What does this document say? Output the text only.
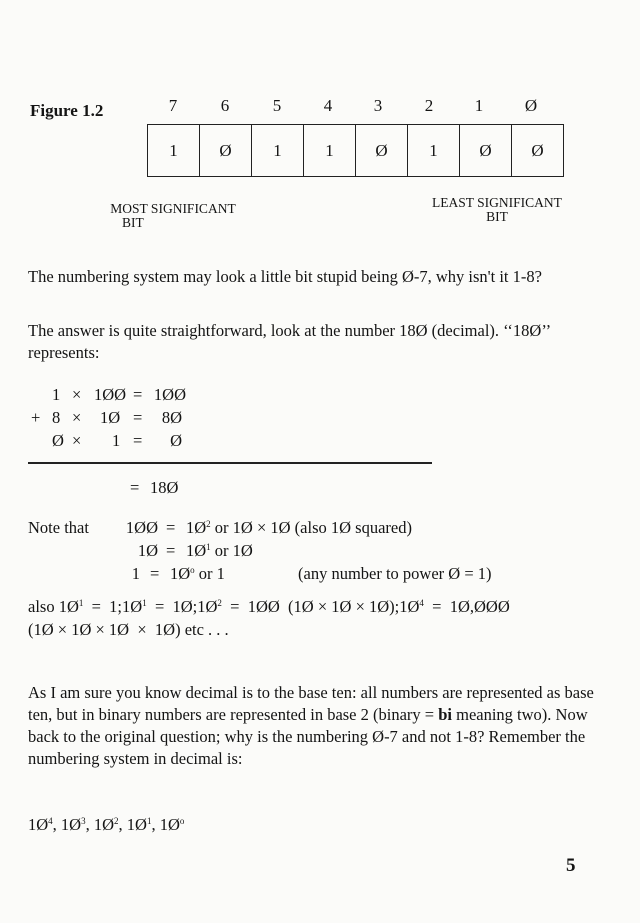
Figure 1.2	7	6	5	4	3	2	1	Ø
1	Ø	1	1	Ø	1	Ø	Ø
MOST SIGNIFICANT
BIT
LEAST SIGNIFICANT
BIT
The numbering system may look a little bit stupid being Ø-7, why isn't it 1-8?
The answer is quite straightforward, look at the number 18Ø (decimal). ‘‘18Ø’’ represents:
1 × 1ØØ = 1ØØ
+ 8 × 1Ø =	8Ø
Ø × 1 =	Ø
= 18Ø
Note that	1ØØ = $1Ø^2$ or 1Ø × 1Ø (also 1Ø squared)
1Ø = $1Ø^1$ or 1Ø
$1 = 1Ø^o$ or 1	(any number to power Ø = 1)
also $1Ø^1$  =  $1;1Ø^1$  =  $1Ø;1Ø^2$  =  1ØØ  (1Ø × 1Ø × $1Ø);1Ø^4$  =  1Ø,ØØØ
(1Ø × 1Ø × 1Ø  ×  1Ø) etc . . .
As I am sure you know decimal is to the base ten: all numbers are represented as base ten, but in binary numbers are represented in base 2 (binary = bi meaning two). Now back to the original question; why is the numbering Ø-7 and not 1-8? Remember the numbering system in decimal is:
$1Ø^4$, $1Ø^3$, $1Ø^2$, $1Ø^1$, $1Ø^o$
5
